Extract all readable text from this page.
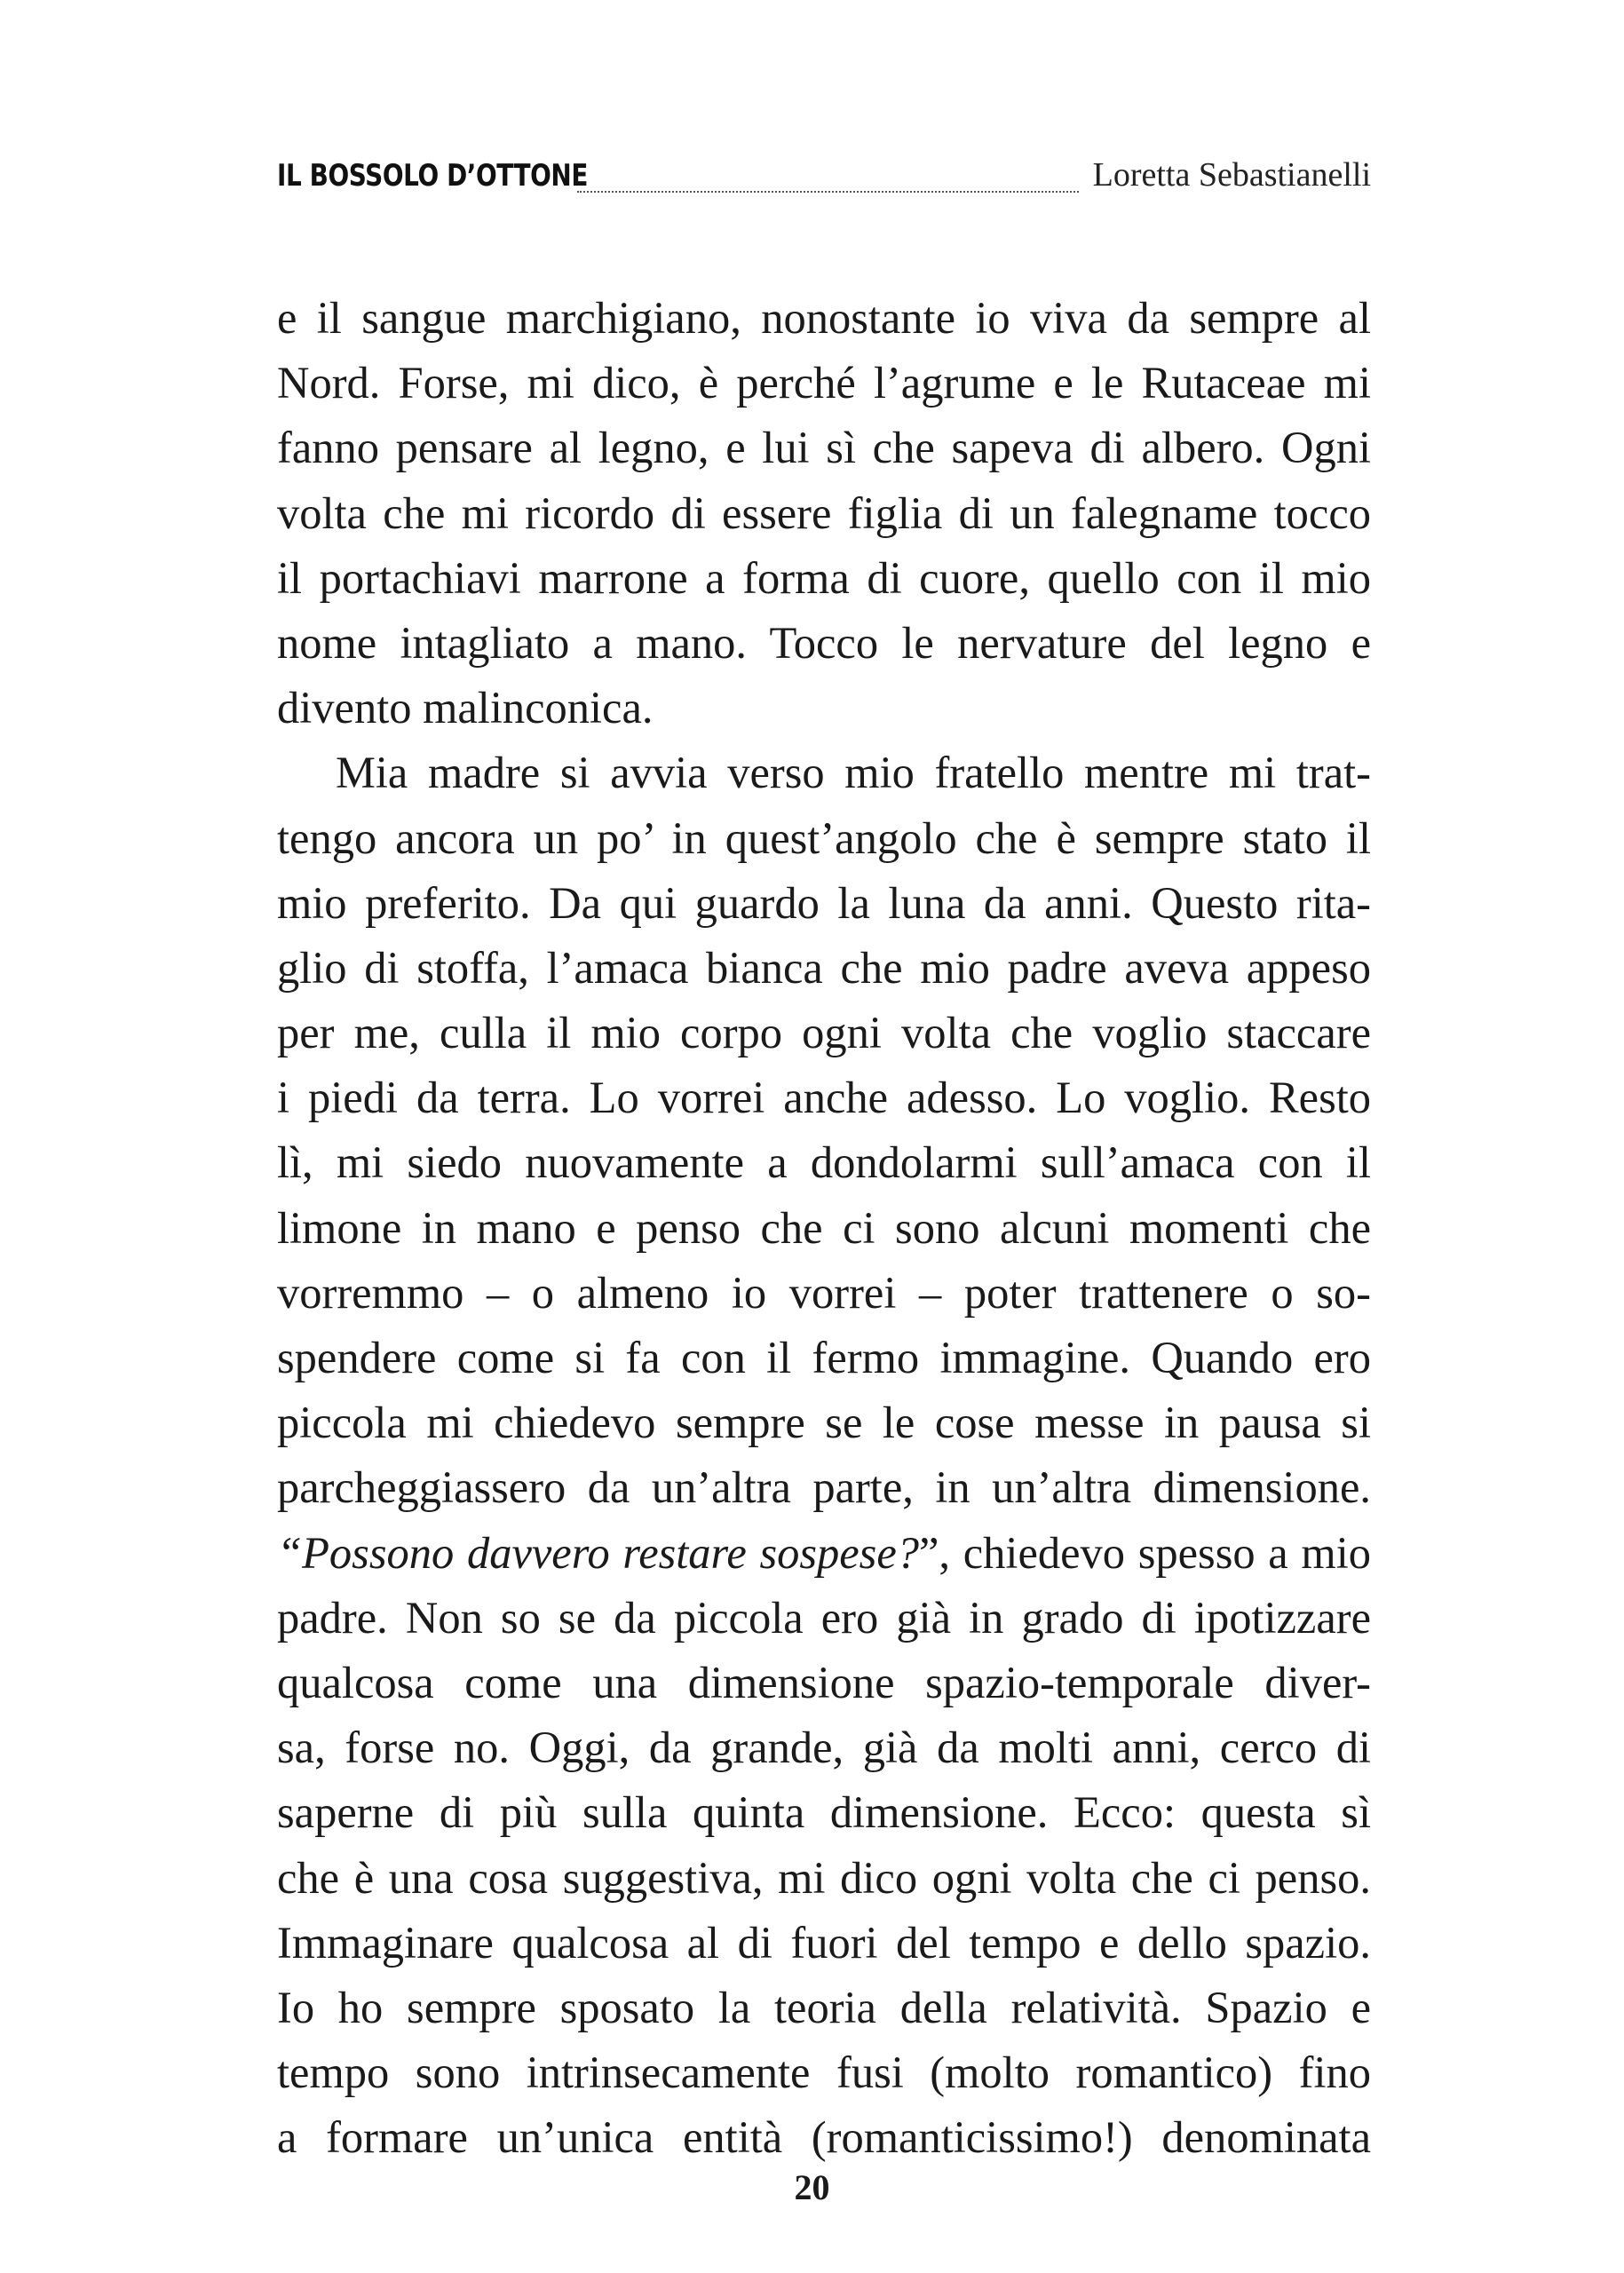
IL BOSSOLO D’OTTONE	Loretta Sebastianelli
e il sangue marchigiano, nonostante io viva da sempre al
Nord. Forse, mi dico, è perché l’agrume e le Rutaceae mi
fanno pensare al legno, e lui sì che sapeva di albero. Ogni
volta che mi ricordo di essere figlia di un falegname tocco
il portachiavi marrone a forma di cuore, quello con il mio
nome intagliato a mano. Tocco le nervature del legno e
divento malinconica.
Mia madre si avvia verso mio fratello mentre mi trat-
tengo ancora un po’ in quest’angolo che è sempre stato il
mio preferito. Da qui guardo la luna da anni. Questo rita-
glio di stoffa, l’amaca bianca che mio padre aveva appeso
per me, culla il mio corpo ogni volta che voglio staccare
i piedi da terra. Lo vorrei anche adesso. Lo voglio. Resto
lì, mi siedo nuovamente a dondolarmi sull’amaca con il
limone in mano e penso che ci sono alcuni momenti che
vorremmo – o almeno io vorrei – poter trattenere o so-
spendere come si fa con il fermo immagine. Quando ero
piccola mi chiedevo sempre se le cose messe in pausa si
parcheggiassero da un’altra parte, in un’altra dimensione.
“Possono davvero restare sospese?”, chiedevo spesso a mio
padre. Non so se da piccola ero già in grado di ipotizzare
qualcosa come una dimensione spazio-temporale diver-
sa, forse no. Oggi, da grande, già da molti anni, cerco di
saperne di più sulla quinta dimensione. Ecco: questa sì
che è una cosa suggestiva, mi dico ogni volta che ci penso.
Immaginare qualcosa al di fuori del tempo e dello spazio.
Io ho sempre sposato la teoria della relatività. Spazio e
tempo sono intrinsecamente fusi (molto romantico) fino
a formare un’unica entità (romanticissimo!) denominata
20
